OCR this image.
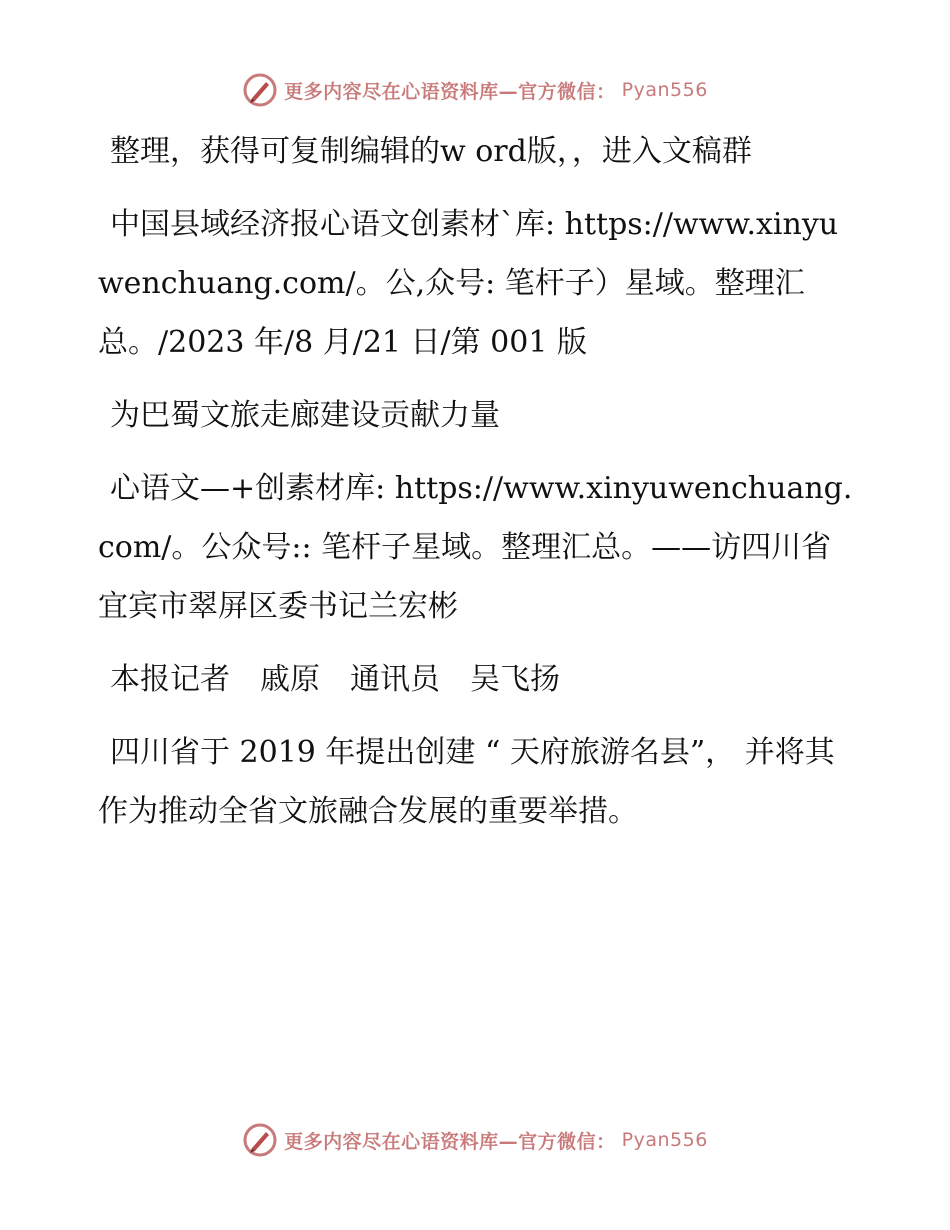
更多内容尽在心语资料库—官方微信： Pyan556

整理，获得可复制编辑的w ord版，，进入文稿群

中国县域经济报心语文创素材`库: https://www.xinyuwenchuang.com/。公,众号: 笔杆子）星域。整理汇总。/2023 年/8 月/21 日/第 001 版

为巴蜀文旅走廊建设贡献力量

心语文—+创素材库: https://www.xinyuwenchuang.com/。公众号:: 笔杆子星域。整理汇总。——访四川省宜宾市翠屏区委书记兰宏彬

本报记者　戚原　通讯员　吴飞扬

四川省于 2019 年提出创建 “ 天府旅游名县”， 并将其作为推动全省文旅融合发展的重要举措。

更多内容尽在心语资料库—官方微信： Pyan556
